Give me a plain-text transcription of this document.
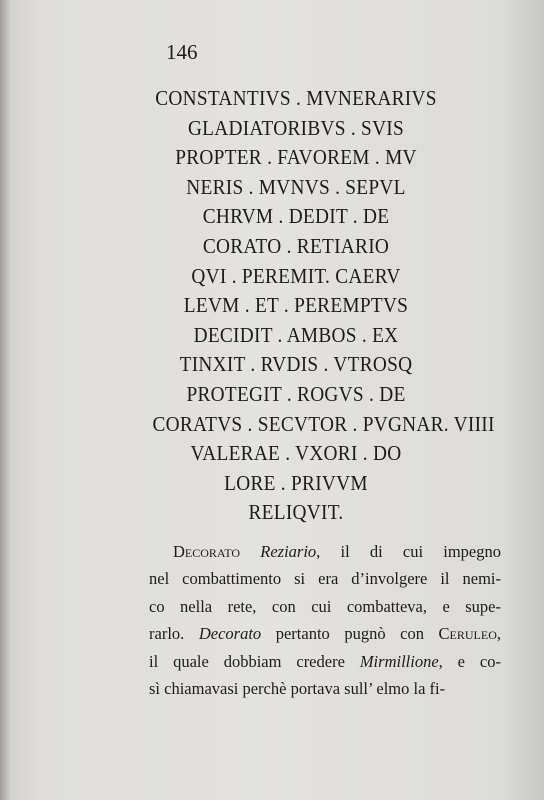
146
CONSTANTIVS . MVNERARIVS
GLADIATORIBVS . SVIS
PROPTER . FAVOREM . MV
NERIS . MVNVS . SEPVL
CHRVM . DEDIT . DE
CORATO . RETIARIO
QVI . PEREMIT. CAERV
LEVM . ET . PEREMPTVS
DECIDIT . AMBOS . EX
TINXIT . RVDIS . VTROSQ
PROTEGIT . ROGVS . DE
CORATVS . SECVTOR . PVGNAR. VIIII
VALERAE . VXORI . DO
LORE . PRIVVM
RELIQVIT.

Decorato Reziario, il di cui impegno
nel combattimento si era d’involgere il nemi-
co nella rete, con cui combatteva, e supe-
rarlo. Decorato pertanto pugnò con Ceruleo,
il quale dobbiam credere Mirmillione, e co-
sì chiamavasi perchè portava sull’ elmo la fi-
